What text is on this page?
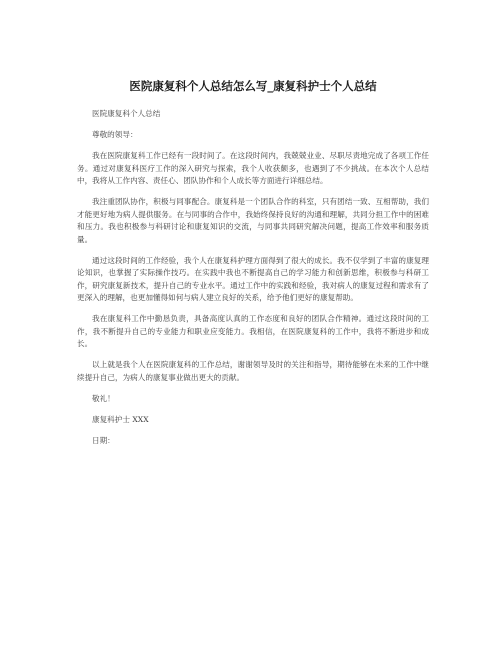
医院康复科个人总结怎么写_康复科护士个人总结

医院康复科个人总结

尊敬的领导：

我在医院康复科工作已经有一段时间了。在这段时间内，我兢兢业业、尽职尽责地完成了各项工作任务。通过对康复科医疗工作的深入研究与探索，我个人收获颇多，也遇到了不少挑战。在本次个人总结中，我将从工作内容、责任心、团队协作和个人成长等方面进行详细总结。

我注重团队协作，积极与同事配合。康复科是一个团队合作的科室，只有团结一致、互相帮助，我们才能更好地为病人提供服务。在与同事的合作中，我始终保持良好的沟通和理解，共同分担工作中的困难和压力。我也积极参与科研讨论和康复知识的交流，与同事共同研究解决问题，提高工作效率和服务质量。

通过这段时间的工作经验，我个人在康复科护理方面得到了很大的成长。我不仅学到了丰富的康复理论知识，也掌握了实际操作技巧。在实践中我也不断提高自己的学习能力和创新思维，积极参与科研工作，研究康复新技术，提升自己的专业水平。通过工作中的实践和经验，我对病人的康复过程和需求有了更深入的理解，也更加懂得如何与病人建立良好的关系，给予他们更好的康复帮助。

我在康复科工作中勤恳负责，具备高度认真的工作态度和良好的团队合作精神。通过这段时间的工作，我不断提升自己的专业能力和职业应变能力。我相信，在医院康复科的工作中，我将不断进步和成长。

以上就是我个人在医院康复科的工作总结，谢谢领导及时的关注和指导，期待能够在未来的工作中继续提升自己，为病人的康复事业做出更大的贡献。

敬礼！

康复科护士 XXX

日期：
